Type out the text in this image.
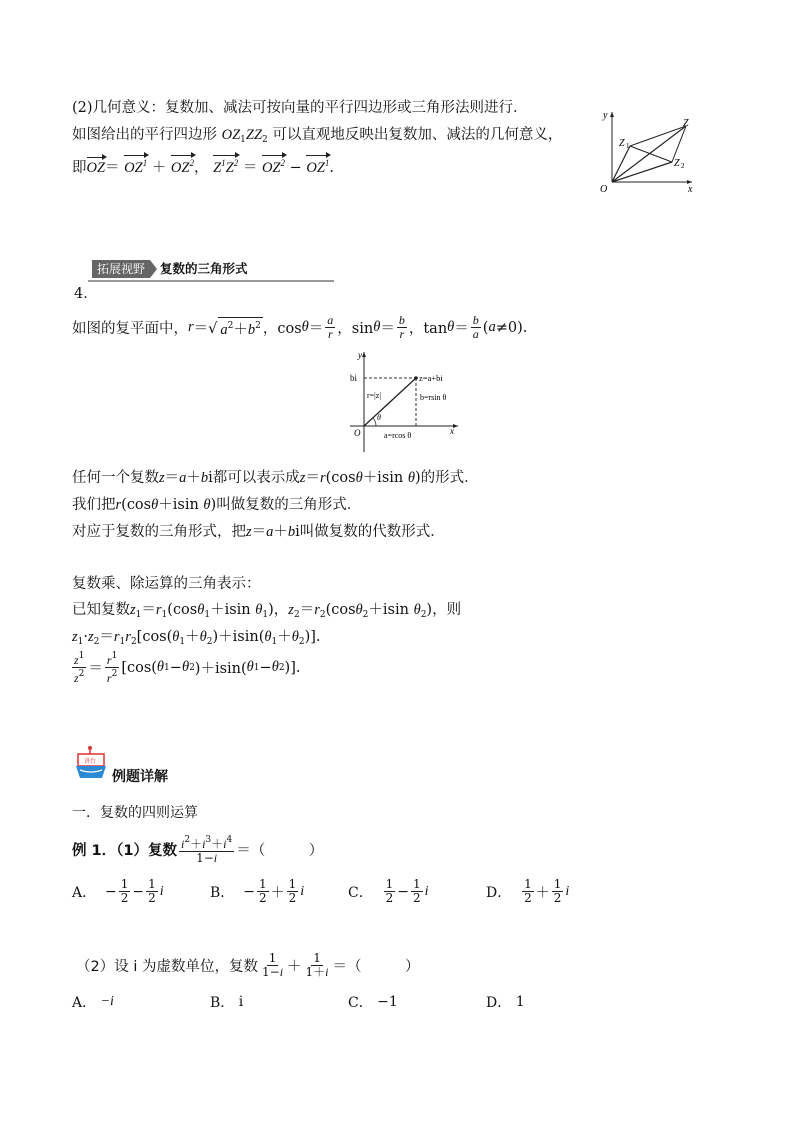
(2)几何意义：复数加、减法可按向量的平行四边形或三角形法则进行．
如图给出的平行四边形 $OZ_1ZZ_2$ 可以直观地反映出复数加、减法的几何意义，
即$OZ= OZ^1 + OZ^2$， $Z^1Z^2 = OZ^2 - OZ^1$.
y
x
O
Z
Z 1
Z 2
拓展视野	复数的三角形式
4．
如图的复平面中， r ＝√ $a^2+b^2$ ，$\cos \theta = \frac{a}{r}$ ，$\sin \theta = \frac{b}{r}$ ，$\tan \theta = \frac{b}{a}$ ( a ≠0).
y
x
O
bi	z=a+bi
r=|z|
θ
b=rsin θ
a=rcos θ
任何一个复数z＝a＋bi都可以表示成z＝r(cosθ＋isin θ)的形式．
我们把r(cosθ＋isin θ)叫做复数的三角形式．
对应于复数的三角形式，把z＝a＋bi叫做复数的代数形式．
复数乘、除运算的三角表示：
已知复数$z_1=r_1(\cos\theta_1+isin$ $\theta_1$)，$z_2=r_2(\cos\theta_2+isin$ $\theta_2$)，则
$z_1\cdot z_2=r_1r_2[\cos(\theta_1+\theta_2)+isin(\theta_1+\theta_2)]$.
$\frac{z^1}{z^2} = \frac{r^1}{r^2} [\cos$( θ 1 − θ 2 )＋isin( θ 1 − θ 2 )].
讲台
例题详解
一．复数的四则运算
例 1．（1）复数 $\frac{i^2+i^3+i^4}{1-i}$ ＝（　　　）
A． − $\frac{1}{2} - \frac{1}{2}$ i	B． − $\frac{1}{2} + \frac{1}{2}$ i	C．
$\frac{1}{2} - \frac{1}{2}$ i	D．
$\frac{1}{2} + \frac{1}{2}$ i
（2）设 i 为虚数单位，复数 $\frac{1}{1-i} + \frac{1}{1+i}$ ＝（　　　）
A．
−i	B．
i	C．
−1	D．
1
